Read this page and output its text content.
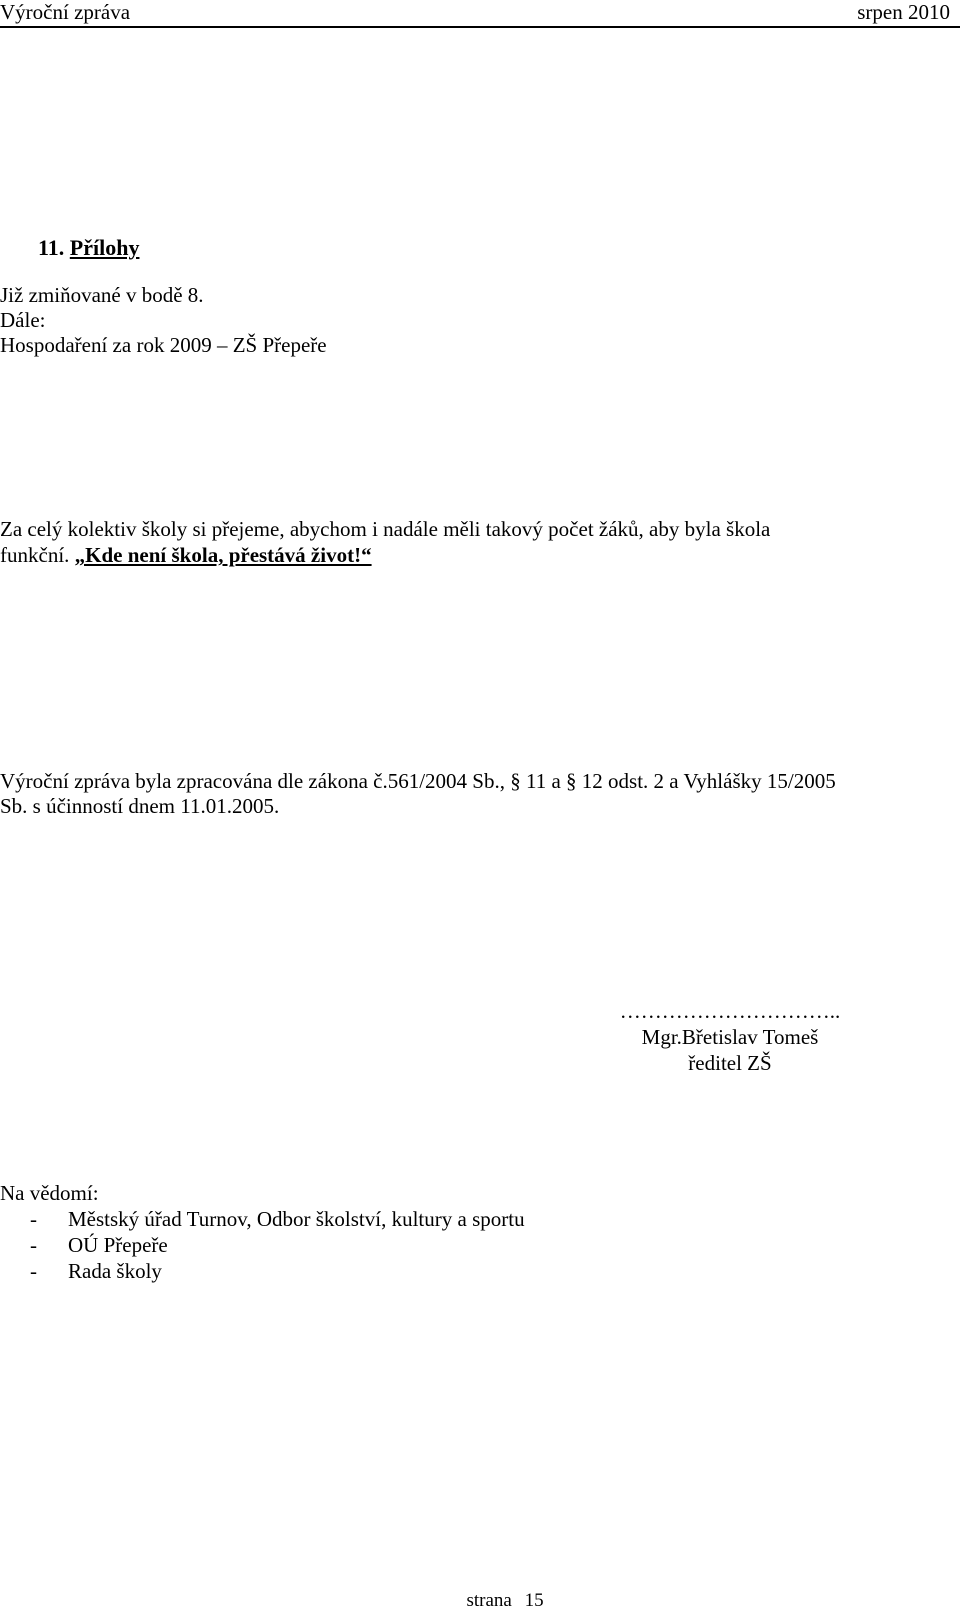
Výroční zpráva	srpen 2010
11. Přílohy
Již zmiňované v bodě 8.
Dále:
Hospodaření za rok 2009 – ZŠ Přepeře
Za celý kolektiv školy si přejeme, abychom i nadále měli takový počet žáků, aby byla škola
funkční. „Kde není škola, přestává život!“
Výroční zpráva byla zpracována dle zákona č.561/2004 Sb., § 11 a § 12 odst. 2 a Vyhlášky 15/2005
Sb. s účinností dnem 11.01.2005.
…………………………..
Mgr.Břetislav Tomeš
ředitel ZŠ
Na vědomí:
- Městský úřad Turnov, Odbor školství, kultury a sportu
- OÚ Přepeře
- Rada školy
strana 15
